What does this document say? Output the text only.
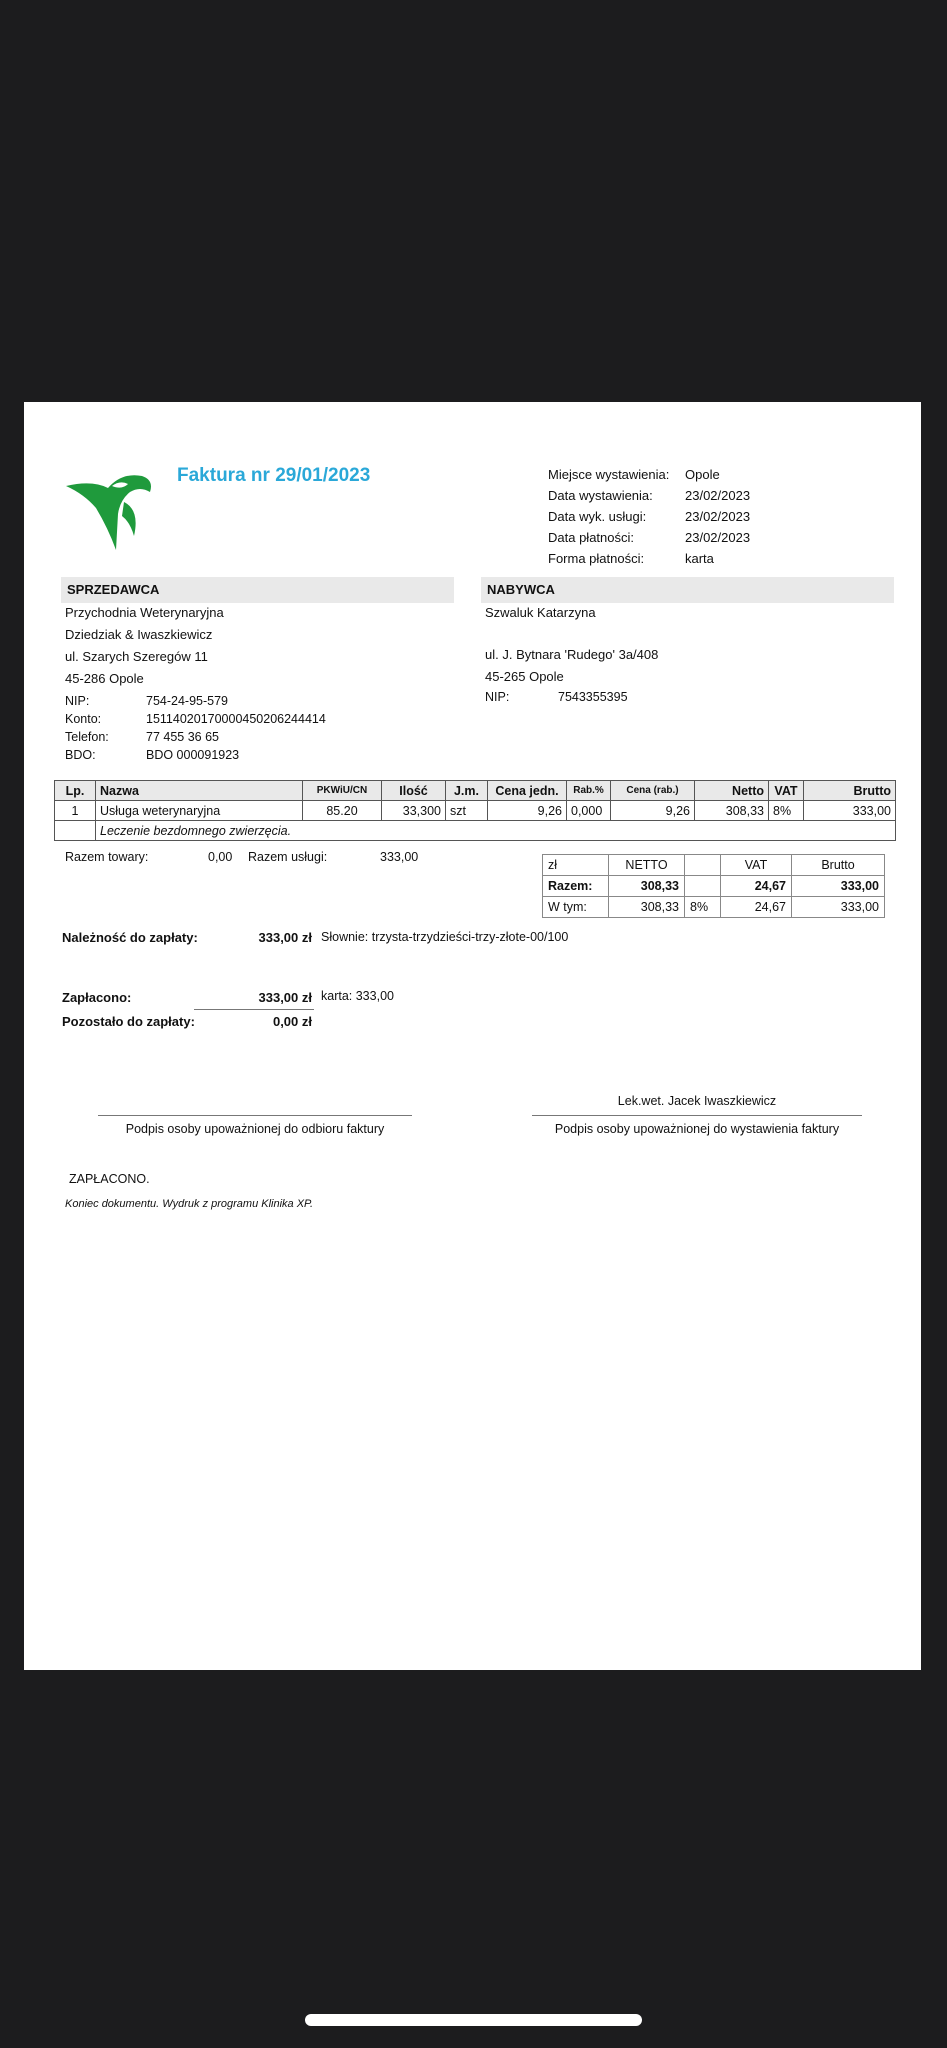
Faktura nr 29/01/2023	Miejsce wystawienia:	Opole
Data wystawienia:	23/02/2023
Data wyk. usługi:	23/02/2023
Data płatności:	23/02/2023
Forma płatności:	karta
SPRZEDAWCA
Przychodnia Weterynaryjna
Dziedziak & Iwaszkiewicz
ul. Szarych Szeregów 11
45-286 Opole
NIP:	754-24-95-579
Konto:	15114020170000450206244414
Telefon:	77 455 36 65
BDO:	BDO 000091923
NABYWCA
Szwaluk Katarzyna
ul. J. Bytnara 'Rudego' 3a/408
45-265 Opole
NIP:	7543355395
Lp.	Nazwa	PKWiU/CN	Ilość	J.m.	Cena jedn.	Rab.%	Cena (rab.)	Netto	VAT	Brutto
1	Usługa weterynaryjna	85.20	33,300	szt	9,26	0,000	9,26	308,33	8%	333,00
	Leczenie bezdomnego zwierzęcia.									
Razem towary:	0,00 Razem usługi:	333,00
zł	NETTO		VAT	Brutto
Razem:	308,33		24,67	333,00
W tym:	308,33	8%	24,67	333,00
Należność do zapłaty:	333,00 zł Słownie: trzysta-trzydzieści-trzy-złote-00/100
Zapłacono:	333,00 zł karta: 333,00
Pozostało do zapłaty:	0,00 zł
Lek.wet. Jacek Iwaszkiewicz
Podpis osoby upoważnionej do odbioru faktury	Podpis osoby upoważnionej do wystawienia faktury
ZAPŁACONO.
Koniec dokumentu. Wydruk z programu Klinika XP.
